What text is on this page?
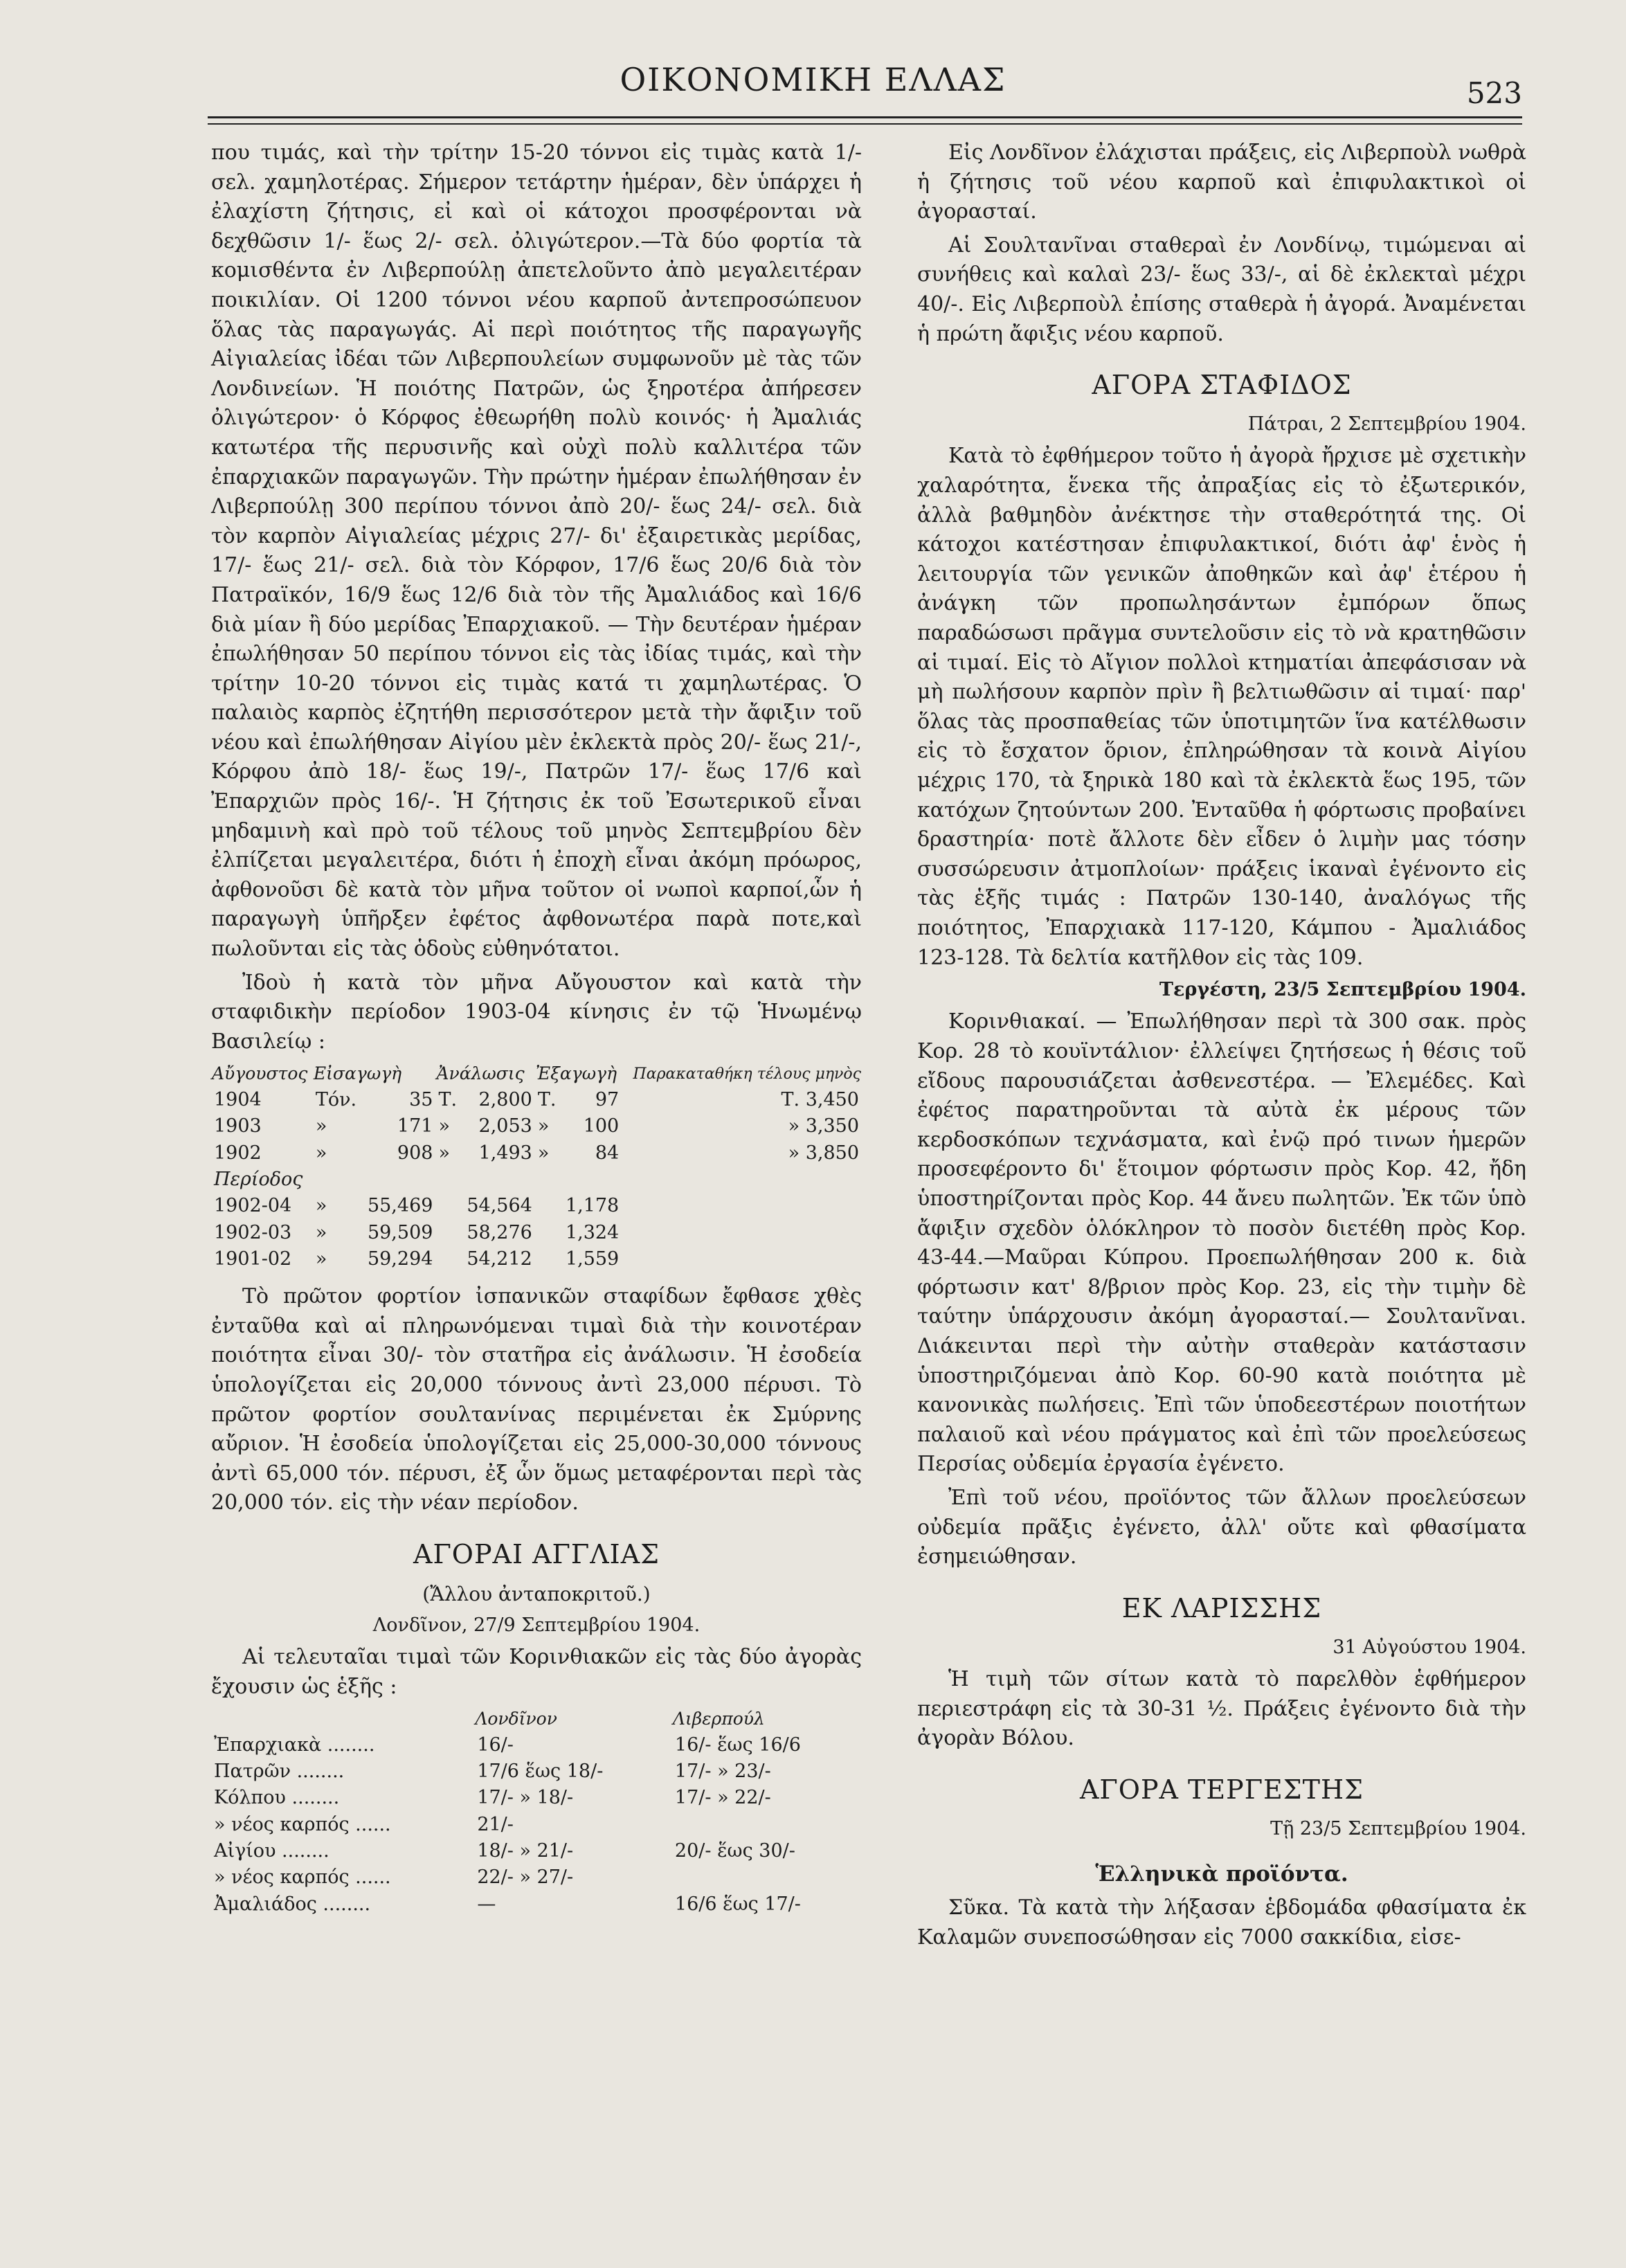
ΟΙΚΟΝΟΜΙΚΗ ΕΛΛΑΣ	523

που τιμάς, καὶ τὴν τρίτην 15-20 τόννοι εἰς τιμὰς κατὰ 1/- σελ. χαμηλοτέρας. Σήμερον τετάρτην ἡμέραν, δὲν ὑπάρχει ἡ ἐλαχίστη ζήτησις, εἰ καὶ οἱ κάτοχοι προσφέρονται νὰ δεχθῶσιν 1/- ἕως 2/- σελ. ὀλιγώτερον.—Τὰ δύο φορτία τὰ κομισθέντα ἐν Λιβερπούλῃ ἀπετελοῦντο ἀπὸ μεγαλειτέραν ποικιλίαν. Οἱ 1200 τόννοι νέου καρποῦ ἀντεπροσώπευον ὅλας τὰς παραγωγάς. Αἱ περὶ ποιότητος τῆς παραγωγῆς Αἰγιαλείας ἰδέαι τῶν Λιβερπουλείων συμφωνοῦν μὲ τὰς τῶν Λονδινείων. Ἡ ποιότης Πατρῶν, ὡς ξηροτέρα ἀπήρεσεν ὀλιγώτερον· ὁ Κόρφος ἐθεωρήθη πολὺ κοινός· ἡ Ἀμαλιάς κατωτέρα τῆς περυσινῆς καὶ οὐχὶ πολὺ καλλιτέρα τῶν ἐπαρχιακῶν παραγωγῶν. Τὴν πρώτην ἡμέραν ἐπωλήθησαν ἐν Λιβερπούλῃ 300 περίπου τόννοι ἀπὸ 20/- ἕως 24/- σελ. διὰ τὸν καρπὸν Αἰγιαλείας μέχρις 27/- δι' ἐξαιρετικὰς μερίδας, 17/- ἕως 21/- σελ. διὰ τὸν Κόρφον, 17/6 ἕως 20/6 διὰ τὸν Πατραϊκόν, 16/9 ἕως 12/6 διὰ τὸν τῆς Ἀμαλιάδος καὶ 16/6 διὰ μίαν ἢ δύο μερίδας Ἐπαρχιακοῦ. — Τὴν δευτέραν ἡμέραν ἐπωλήθησαν 50 περίπου τόννοι εἰς τὰς ἰδίας τιμάς, καὶ τὴν τρίτην 10-20 τόννοι εἰς τιμὰς κατά τι χαμηλωτέρας. Ὁ παλαιὸς καρπὸς ἐζητήθη περισσότερον μετὰ τὴν ἄφιξιν τοῦ νέου καὶ ἐπωλήθησαν Αἰγίου μὲν ἐκλεκτὰ πρὸς 20/- ἕως 21/-, Κόρφου ἀπὸ 18/- ἕως 19/-, Πατρῶν 17/- ἕως 17/6 καὶ Ἐπαρχιῶν πρὸς 16/-. Ἡ ζήτησις ἐκ τοῦ Ἐσωτερικοῦ εἶναι μηδαμινὴ καὶ πρὸ τοῦ τέλους τοῦ μηνὸς Σεπτεμβρίου δὲν ἐλπίζεται μεγαλειτέρα, διότι ἡ ἐποχὴ εἶναι ἀκόμη πρόωρος, ἀφθονοῦσι δὲ κατὰ τὸν μῆνα τοῦτον οἱ νωποὶ καρποί,ὧν ἡ παραγωγὴ ὑπῆρξεν ἐφέτος ἀφθονωτέρα παρὰ ποτε,καὶ πωλοῦνται εἰς τὰς ὁδοὺς εὐθηνότατοι.

Ἰδοὺ ἡ κατὰ τὸν μῆνα Αὔγουστον καὶ κατὰ τὴν σταφιδικὴν περίοδον 1903-04 κίνησις ἐν τῷ Ἡνωμένῳ Βασιλείῳ :

Αὔγουστος	Εἰσαγωγὴ		Ἀνάλωσις		Ἐξαγωγὴ		Παρακαταθήκη τέλους μηνὸς
1904	Τόν.	35	Τ.	2,800	Τ.	97	Τ. 3,450
1903	»	171	»	2,053	»	100	» 3,350
1902	»	908	»	1,493	»	84	» 3,850
Περίοδος							
1902-04	»	55,469		54,564		1,178	
1902-03	»	59,509		58,276		1,324	
1901-02	»	59,294		54,212		1,559	

Τὸ πρῶτον φορτίον ἰσπανικῶν σταφίδων ἔφθασε χθὲς ἐνταῦθα καὶ αἱ πληρωνόμεναι τιμαὶ διὰ τὴν κοινοτέραν ποιότητα εἶναι 30/- τὸν στατῆρα εἰς ἀνάλωσιν. Ἡ ἐσοδεία ὑπολογίζεται εἰς 20,000 τόννους ἀντὶ 23,000 πέρυσι. Τὸ πρῶτον φορτίον σουλτανίνας περιμένεται ἐκ Σμύρνης αὔριον. Ἡ ἐσοδεία ὑπολογίζεται εἰς 25,000-30,000 τόννους ἀντὶ 65,000 τόν. πέρυσι, ἐξ ὧν ὅμως μεταφέρονται περὶ τὰς 20,000 τόν. εἰς τὴν νέαν περίοδον.

ΑΓΟΡΑΙ ΑΓΓΛΙΑΣ
(Ἄλλου ἀνταποκριτοῦ.)
Λονδῖνον, 27/9 Σεπτεμβρίου 1904.

Αἱ τελευταῖαι τιμαὶ τῶν Κορινθιακῶν εἰς τὰς δύο ἀγορὰς ἔχουσιν ὡς ἑξῆς :

	Λονδῖνον		Λιβερπούλ
Ἐπαρχιακὰ ........	16/-		16/- ἕως 16/6
Πατρῶν ........	17/6 ἕως 18/-		17/- » 23/-
Κόλπου ........	17/- » 18/-		17/- » 22/-
» νέος καρπός ......	21/-		
Αἰγίου ........	18/- » 21/-		20/- ἕως 30/-
» νέος καρπός ......	22/- » 27/-		
Ἀμαλιάδος ........	—		16/6 ἕως 17/-

Εἰς Λονδῖνον ἐλάχισται πράξεις, εἰς Λιβερποὺλ νωθρὰ ἡ ζήτησις τοῦ νέου καρποῦ καὶ ἐπιφυλακτικοὶ οἱ ἀγορασταί.

Αἱ Σουλτανῖναι σταθεραὶ ἐν Λονδίνῳ, τιμώμεναι αἱ συνήθεις καὶ καλαὶ 23/- ἕως 33/-, αἱ δὲ ἐκλεκταὶ μέχρι 40/-. Εἰς Λιβερποὺλ ἐπίσης σταθερὰ ἡ ἀγορά. Ἀναμένεται ἡ πρώτη ἄφιξις νέου καρποῦ.

ΑΓΟΡΑ ΣΤΑΦΙΔΟΣ
Πάτραι, 2 Σεπτεμβρίου 1904.

Κατὰ τὸ ἐφθήμερον τοῦτο ἡ ἀγορὰ ἤρχισε μὲ σχετικὴν χαλαρότητα, ἕνεκα τῆς ἀπραξίας εἰς τὸ ἐξωτερικόν, ἀλλὰ βαθμηδὸν ἀνέκτησε τὴν σταθερότητά της. Οἱ κάτοχοι κατέστησαν ἐπιφυλακτικοί, διότι ἀφ' ἑνὸς ἡ λειτουργία τῶν γενικῶν ἀποθηκῶν καὶ ἀφ' ἑτέρου ἡ ἀνάγκη τῶν προπωλησάντων ἐμπόρων ὅπως παραδώσωσι πρᾶγμα συντελοῦσιν εἰς τὸ νὰ κρατηθῶσιν αἱ τιμαί. Εἰς τὸ Αἴγιον πολλοὶ κτηματίαι ἀπεφάσισαν νὰ μὴ πωλήσουν καρπὸν πρὶν ἢ βελτιωθῶσιν αἱ τιμαί· παρ' ὅλας τὰς προσπαθείας τῶν ὑποτιμητῶν ἵνα κατέλθωσιν εἰς τὸ ἔσχατον ὅριον, ἐπληρώθησαν τὰ κοινὰ Αἰγίου μέχρις 170, τὰ ξηρικὰ 180 καὶ τὰ ἐκλεκτὰ ἕως 195, τῶν κατόχων ζητούντων 200. Ἐνταῦθα ἡ φόρτωσις προβαίνει δραστηρία· ποτὲ ἄλλοτε δὲν εἶδεν ὁ λιμὴν μας τόσην συσσώρευσιν ἀτμοπλοίων· πράξεις ἱκαναὶ ἐγένοντο εἰς τὰς ἑξῆς τιμάς : Πατρῶν 130-140, ἀναλόγως τῆς ποιότητος, Ἐπαρχιακὰ 117-120, Κάμπου - Ἀμαλιάδος 123-128. Τὰ δελτία κατῆλθον εἰς τὰς 109.

Τεργέστη, 23/5 Σεπτεμβρίου 1904.

Κορινθιακαί. — Ἐπωλήθησαν περὶ τὰ 300 σακ. πρὸς Κορ. 28 τὸ κουϊντάλιον· ἐλλείψει ζητήσεως ἡ θέσις τοῦ εἴδους παρουσιάζεται ἀσθενεστέρα. — Ἐλεμέδες. Καὶ ἐφέτος παρατηροῦνται τὰ αὐτὰ ἐκ μέρους τῶν κερδοσκόπων τεχνάσματα, καὶ ἐνῷ πρό τινων ἡμερῶν προσεφέροντο δι' ἕτοιμον φόρτωσιν πρὸς Κορ. 42, ἤδη ὑποστηρίζονται πρὸς Κορ. 44 ἄνευ πωλητῶν. Ἐκ τῶν ὑπὸ ἄφιξιν σχεδὸν ὁλόκληρον τὸ ποσὸν διετέθη πρὸς Κορ. 43-44.—Μαῦραι Κύπρου. Προεπωλήθησαν 200 κ. διὰ φόρτωσιν κατ' 8/βριον πρὸς Κορ. 23, εἰς τὴν τιμὴν δὲ ταύτην ὑπάρχουσιν ἀκόμη ἀγορασταί.— Σουλτανῖναι. Διάκεινται περὶ τὴν αὐτὴν σταθερὰν κατάστασιν ὑποστηριζόμεναι ἀπὸ Κορ. 60-90 κατὰ ποιότητα μὲ κανονικὰς πωλήσεις. Ἐπὶ τῶν ὑποδεεστέρων ποιοτήτων παλαιοῦ καὶ νέου πράγματος καὶ ἐπὶ τῶν προελεύσεως Περσίας οὐδεμία ἐργασία ἐγένετο.

Ἐπὶ τοῦ νέου, προϊόντος τῶν ἄλλων προελεύσεων οὐδεμία πρᾶξις ἐγένετο, ἀλλ' οὔτε καὶ φθασίματα ἐσημειώθησαν.

ΕΚ ΛΑΡΙΣΣΗΣ
31 Αὐγούστου 1904.

Ἡ τιμὴ τῶν σίτων κατὰ τὸ παρελθὸν ἑφθήμερον περιεστράφη εἰς τὰ 30-31 ½. Πράξεις ἐγένοντο διὰ τὴν ἀγορὰν Βόλου.

ΑΓΟΡΑ ΤΕΡΓΕΣΤΗΣ
Τῇ 23/5 Σεπτεμβρίου 1904.
Ἑλληνικὰ προϊόντα.

Σῦκα. Τὰ κατὰ τὴν λήξασαν ἑβδομάδα φθασίματα ἐκ Καλαμῶν συνεποσώθησαν εἰς 7000 σακκίδια, εἰσε-
